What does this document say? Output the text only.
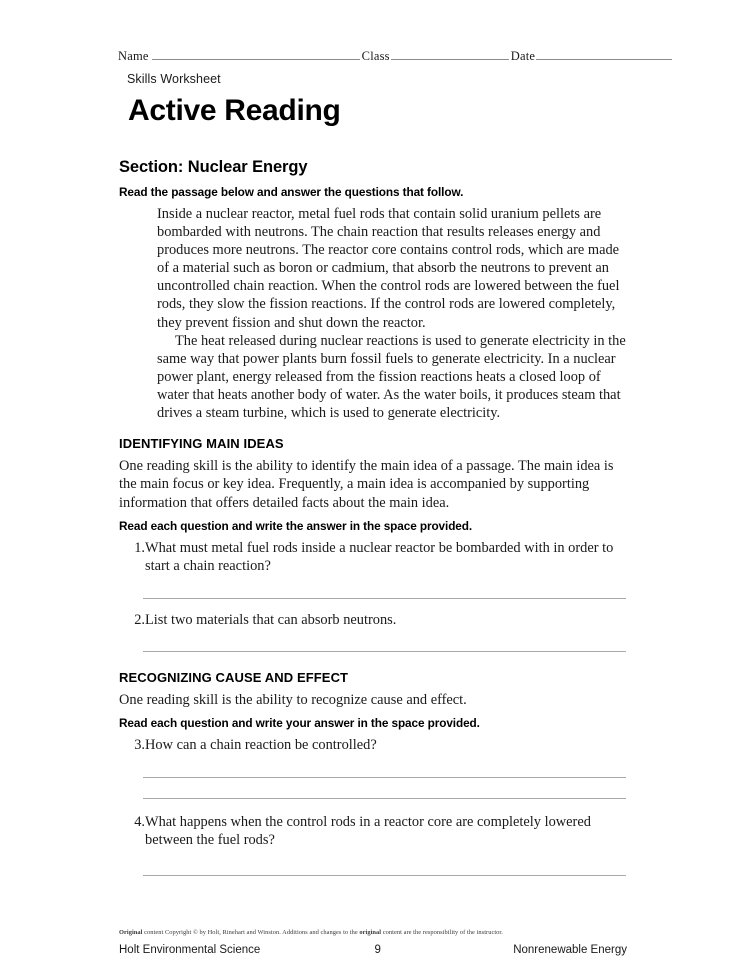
Name	Class	Date
Skills Worksheet
Active Reading
Section: Nuclear Energy

Read the passage below and answer the questions that follow.

Inside a nuclear reactor, metal fuel rods that contain solid uranium pellets are bombarded with neutrons. The chain reaction that results releases energy and produces more neutrons. The reactor core contains control rods, which are made of a material such as boron or cadmium, that absorb the neutrons to prevent an uncontrolled chain reaction. When the control rods are lowered between the fuel rods, they slow the fission reactions. If the control rods are lowered completely, they prevent fission and shut down the reactor.

The heat released during nuclear reactions is used to generate electricity in the same way that power plants burn fossil fuels to generate electricity. In a nuclear power plant, energy released from the fission reactions heats a closed loop of water that heats another body of water. As the water boils, it produces steam that drives a steam turbine, which is used to generate electricity.

IDENTIFYING MAIN IDEAS

One reading skill is the ability to identify the main idea of a passage. The main idea is the main focus or key idea. Frequently, a main idea is accompanied by supporting information that offers detailed facts about the main idea.

Read each question and write the answer in the space provided.

1. What must metal fuel rods inside a nuclear reactor be bombarded with in order to start a chain reaction?
2. List two materials that can absorb neutrons.
RECOGNIZING CAUSE AND EFFECT

One reading skill is the ability to recognize cause and effect.

Read each question and write your answer in the space provided.

3. How can a chain reaction be controlled?
4. What happens when the control rods in a reactor core are completely lowered between the fuel rods?
Original content Copyright © by Holt, Rinehart and Winston. Additions and changes to the original content are the responsibility of the instructor.
Holt Environmental Science	9	Nonrenewable Energy
